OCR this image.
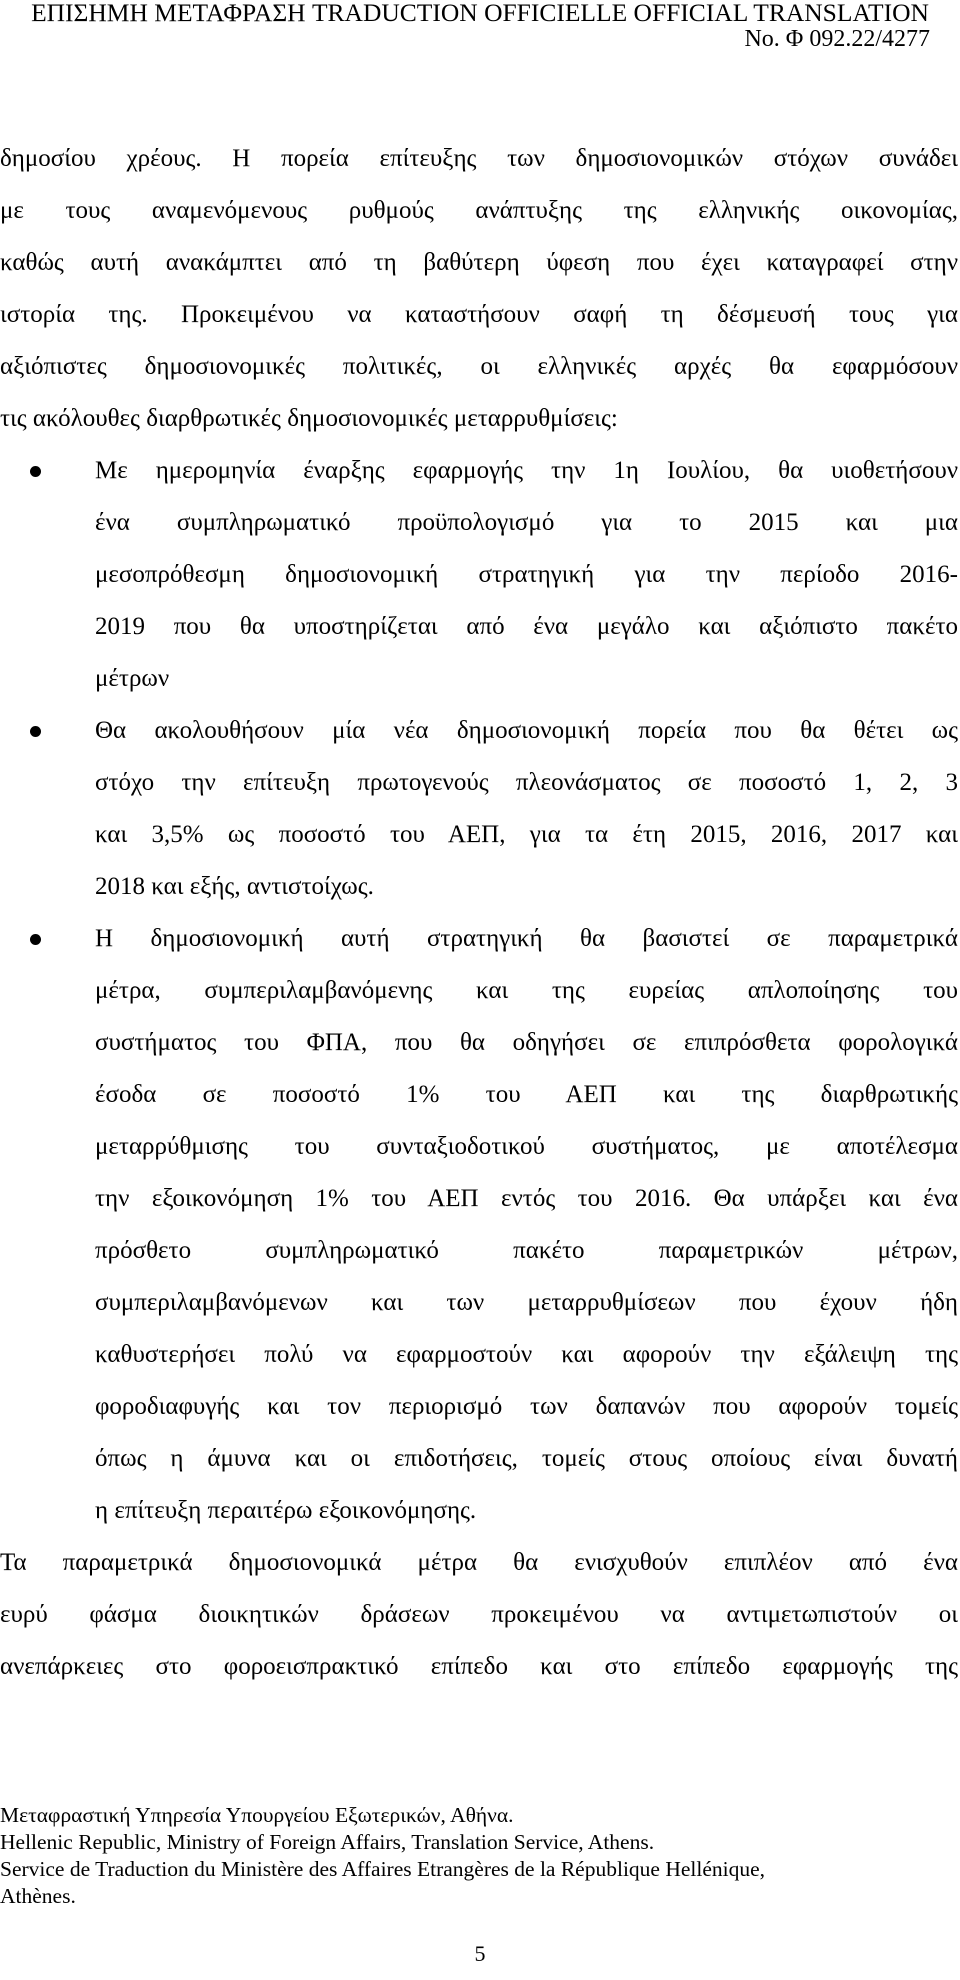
ΕΠΙΣΗΜΗ ΜΕΤΑΦΡΑΣΗ TRADUCTION OFFICIELLE OFFICIAL TRANSLATION
No. Φ 092.22/4277
δημοσίου χρέους. Η πορεία επίτευξης των δημοσιονομικών στόχων συνάδει
με τους αναμενόμενους ρυθμούς ανάπτυξης της ελληνικής οικονομίας,
καθώς αυτή ανακάμπτει από τη βαθύτερη ύφεση που έχει καταγραφεί στην
ιστορία της. Προκειμένου να καταστήσουν σαφή τη δέσμευσή τους για
αξιόπιστες δημοσιονομικές πολιτικές, οι ελληνικές αρχές θα εφαρμόσουν
τις ακόλουθες διαρθρωτικές δημοσιονομικές μεταρρυθμίσεις:
Με ημερομηνία έναρξης εφαρμογής την 1η Ιουλίου, θα υιοθετήσουν
ένα συμπληρωματικό προϋπολογισμό για το 2015 και μια
μεσοπρόθεσμη δημοσιονομική στρατηγική για την περίοδο 2016-
2019 που θα υποστηρίζεται από ένα μεγάλο και αξιόπιστο πακέτο
μέτρων
Θα ακολουθήσουν μία νέα δημοσιονομική πορεία που θα θέτει ως
στόχο την επίτευξη πρωτογενούς πλεονάσματος σε ποσοστό 1, 2, 3
και 3,5% ως ποσοστό του ΑΕΠ, για τα έτη 2015, 2016, 2017 και
2018 και εξής, αντιστοίχως.
Η δημοσιονομική αυτή στρατηγική θα βασιστεί σε παραμετρικά
μέτρα, συμπεριλαμβανόμενης και της ευρείας απλοποίησης του
συστήματος του ΦΠΑ, που θα οδηγήσει σε επιπρόσθετα φορολογικά
έσοδα σε ποσοστό 1% του ΑΕΠ και της διαρθρωτικής
μεταρρύθμισης του συνταξιοδοτικού συστήματος, με αποτέλεσμα
την εξοικονόμηση 1% του ΑΕΠ εντός του 2016. Θα υπάρξει και ένα
πρόσθετο συμπληρωματικό πακέτο παραμετρικών μέτρων,
συμπεριλαμβανόμενων και των μεταρρυθμίσεων που έχουν ήδη
καθυστερήσει πολύ να εφαρμοστούν και αφορούν την εξάλειψη της
φοροδιαφυγής και τον περιορισμό των δαπανών που αφορούν τομείς
όπως η άμυνα και οι επιδοτήσεις, τομείς στους οποίους είναι δυνατή
η επίτευξη περαιτέρω εξοικονόμησης.
Τα παραμετρικά δημοσιονομικά μέτρα θα ενισχυθούν επιπλέον από ένα
ευρύ φάσμα διοικητικών δράσεων προκειμένου να αντιμετωπιστούν οι
ανεπάρκειες στο φοροεισπρακτικό επίπεδο και στο επίπεδο εφαρμογής της
Μεταφραστική Υπηρεσία Υπουργείου Εξωτερικών, Αθήνα.
Hellenic Republic, Ministry of Foreign Affairs, Translation Service, Athens.
Service de Traduction du Ministère des Affaires Etrangères de la République Hellénique,
Athènes.
5
